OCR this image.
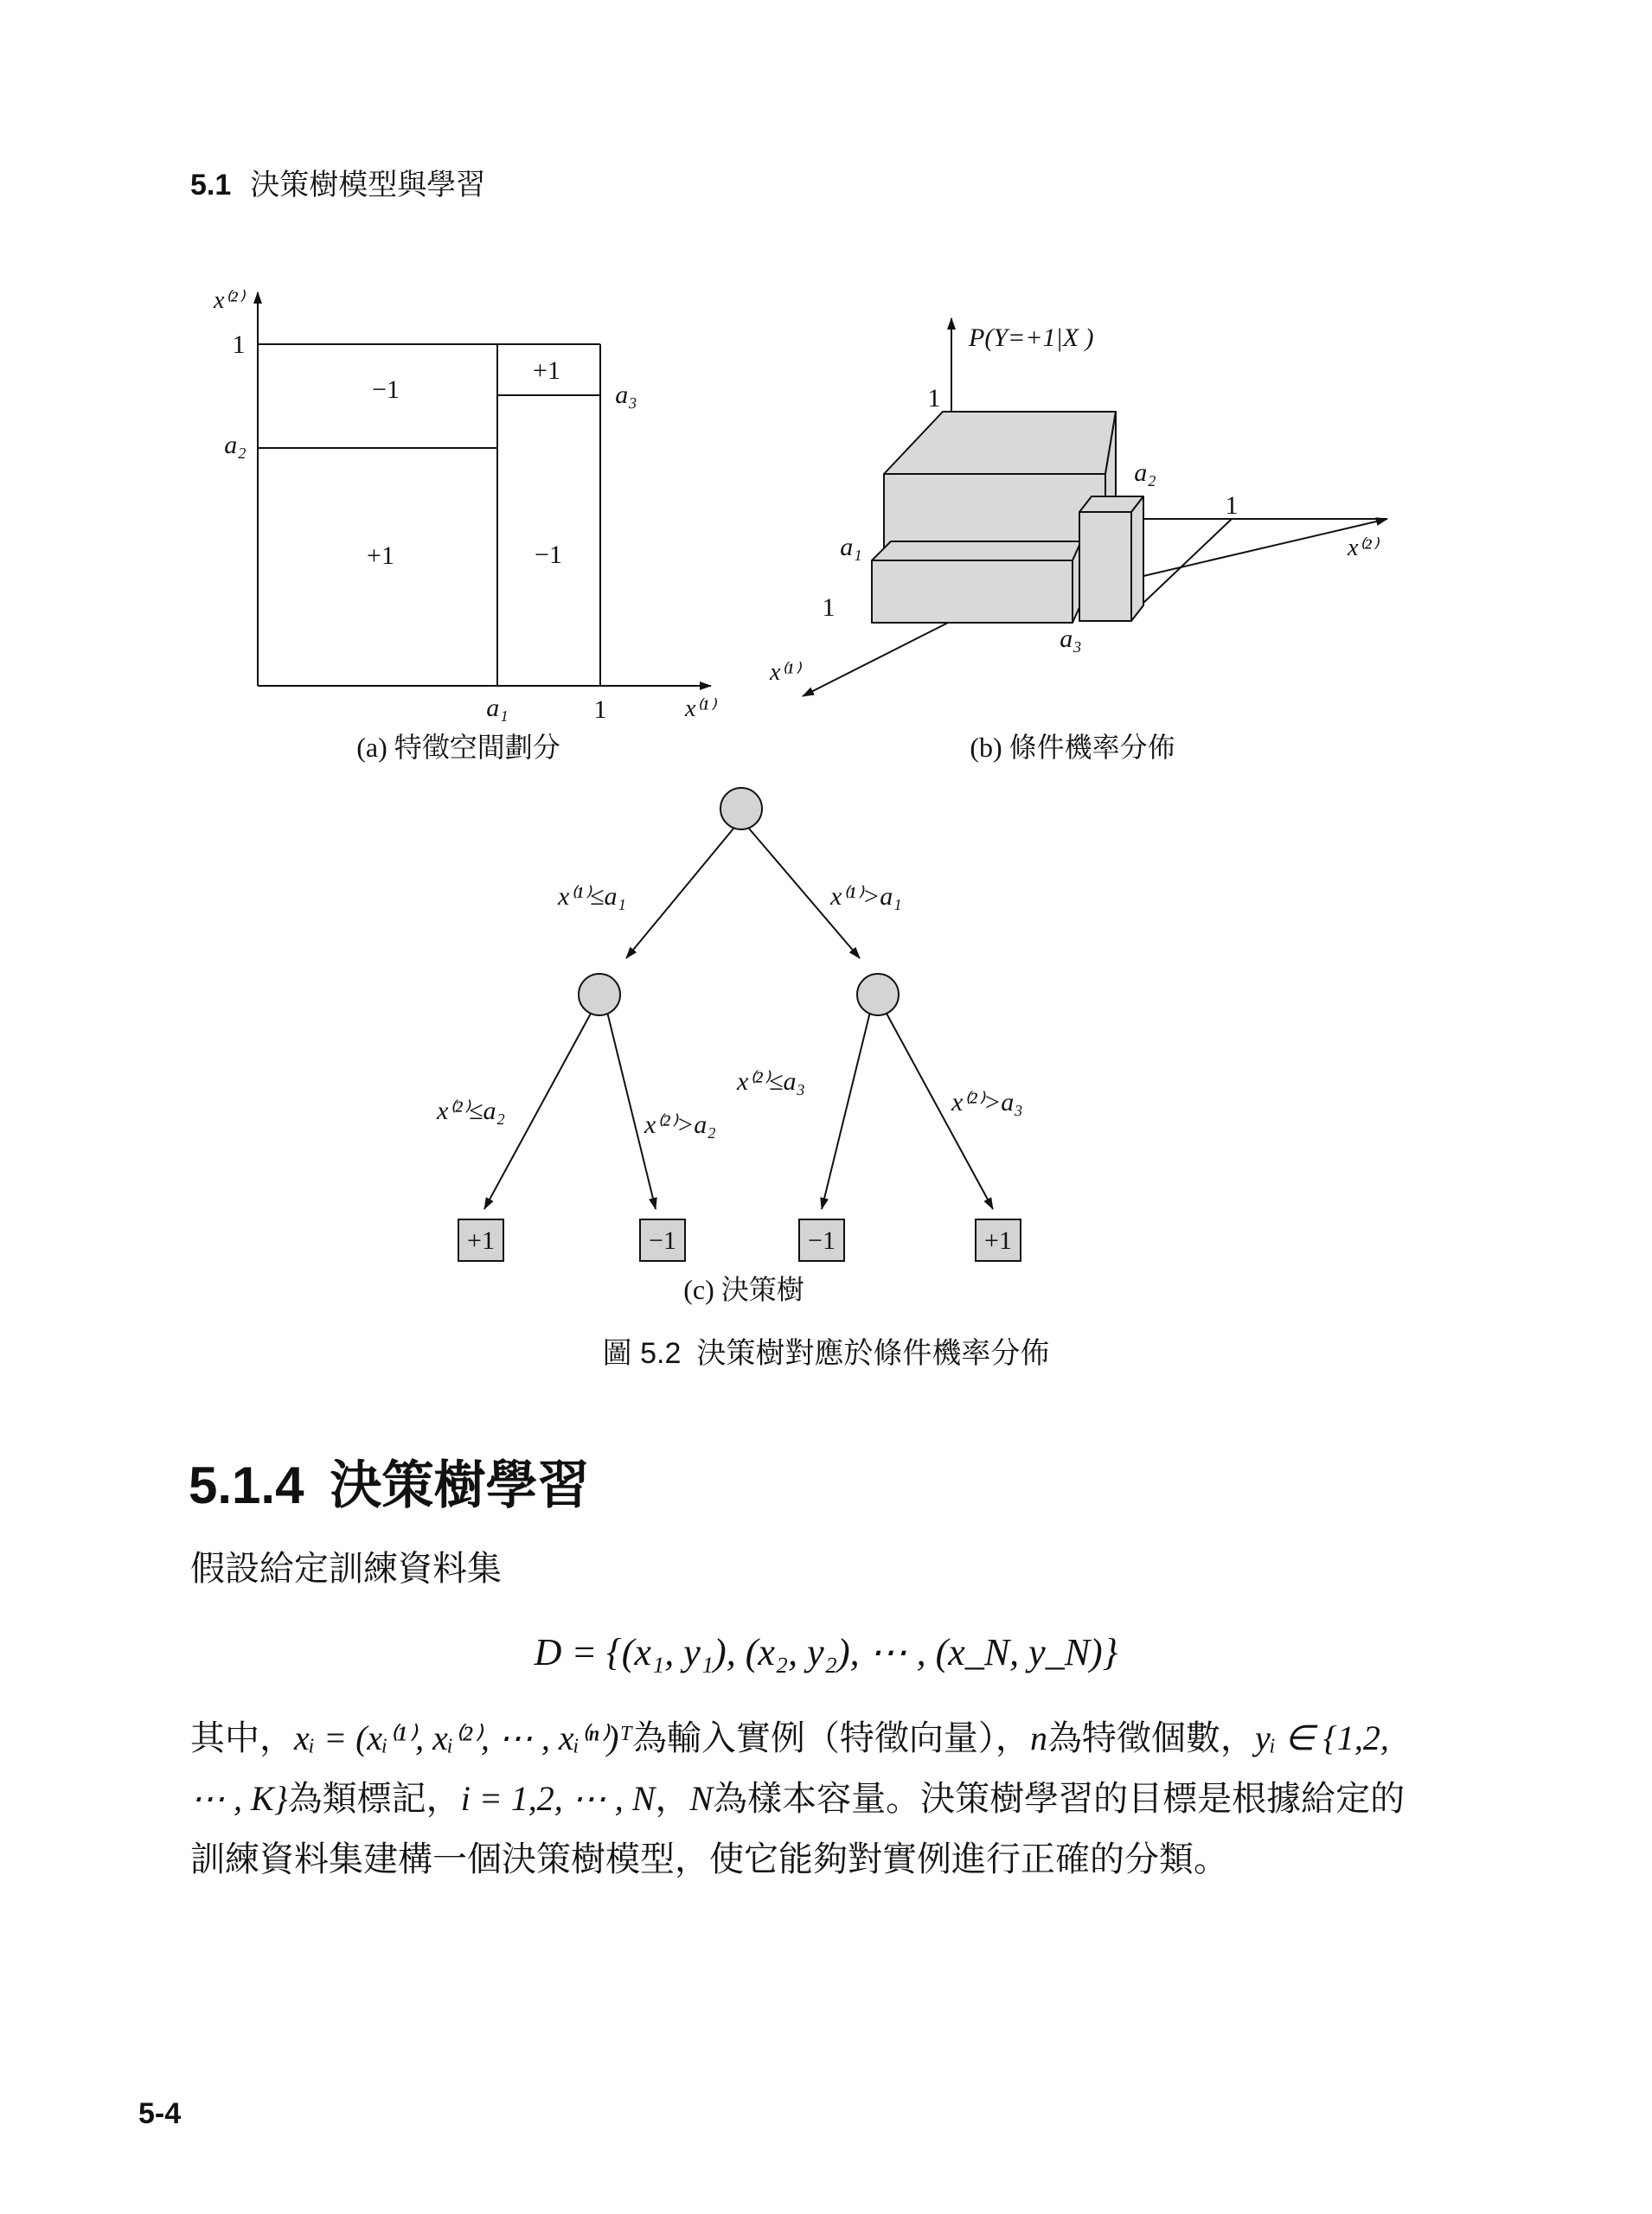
5.1 決策樹模型與學習
x⁽²⁾
1
a₂
a₁	1	x⁽¹⁾
a₃
−1
+1
+1
−1
(a) 特徵空間劃分
P(Y=+1|X )
1
1
x⁽²⁾
1
x⁽¹⁾
a₁
a₂
a₃
(b) 條件機率分佈
+1	−1	−1	+1
x⁽¹⁾≤a₁	x⁽¹⁾>a₁
x⁽²⁾≤a₂	x⁽²⁾>a₂
x⁽²⁾≤a₃
x⁽²⁾>a₃
(c) 決策樹
圖 5.2 決策樹對應於條件機率分佈
5.1.4 決策樹學習
假設給定訓練資料集
D = {(x₁, y₁), (x₂, y₂), ⋯ , (x_N, y_N)}
其中，xᵢ = (xᵢ⁽¹⁾, xᵢ⁽²⁾, ⋯ , xᵢ⁽ⁿ⁾)ᵀ為輸入實例（特徵向量），n為特徵個數，yᵢ ∈ {1,2, ⋯ , K}為類標記，i = 1,2, ⋯ , N，N為樣本容量。決策樹學習的目標是根據給定的訓練資料集建構一個決策樹模型，使它能夠對實例進行正確的分類。
5-4
